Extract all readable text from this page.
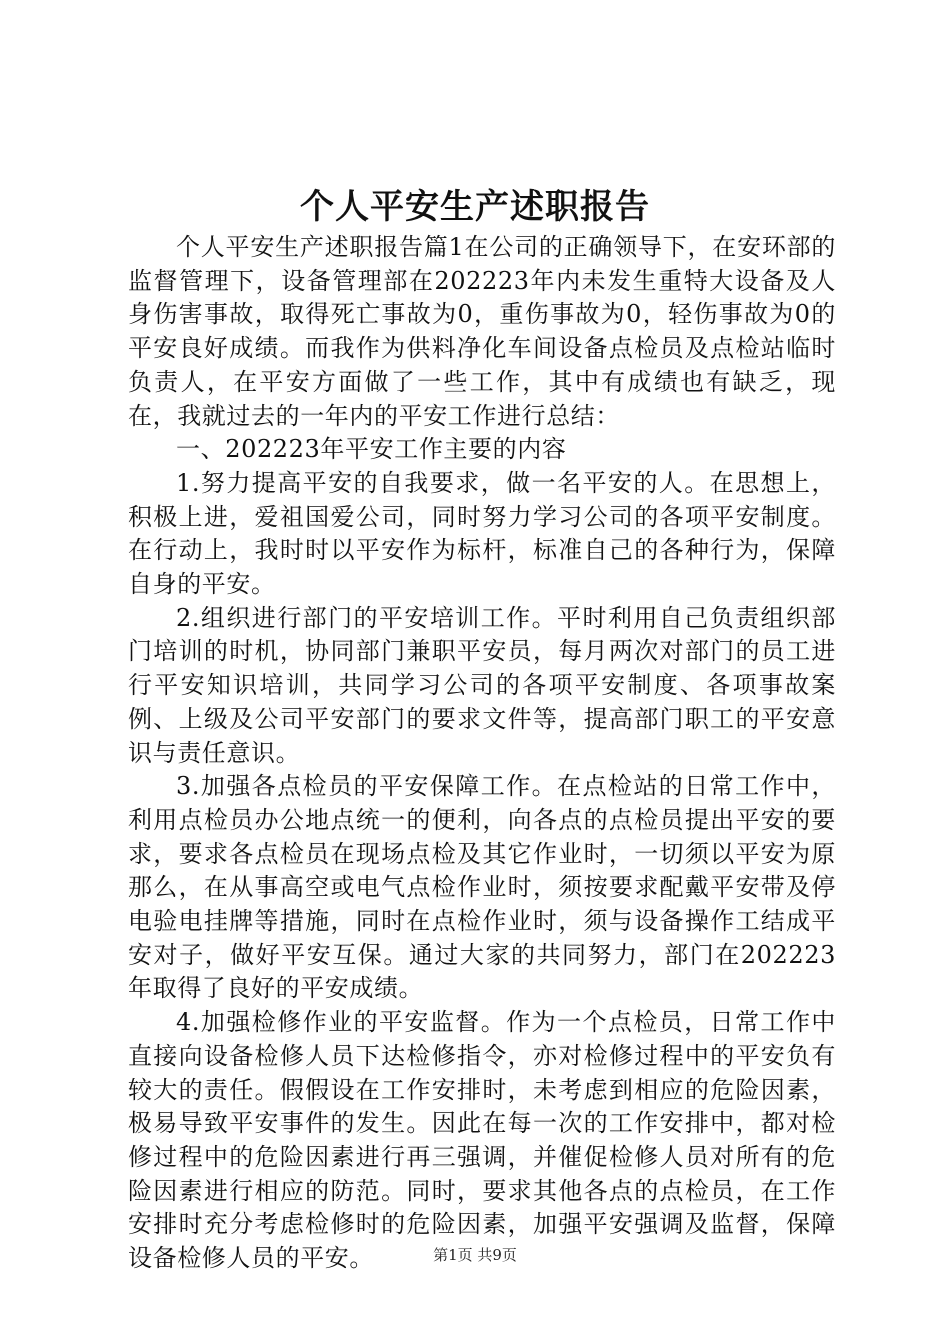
个人平安生产述职报告

个人平安生产述职报告篇1在公司的正确领导下，在安环部的监督管理下，设备管理部在202223年内未发生重特大设备及人身伤害事故，取得死亡事故为0，重伤事故为0，轻伤事故为0的平安良好成绩。而我作为供料净化车间设备点检员及点检站临时负责人，在平安方面做了一些工作，其中有成绩也有缺乏，现在，我就过去的一年内的平安工作进行总结：

一、202223年平安工作主要的内容

1.努力提高平安的自我要求，做一名平安的人。在思想上，积极上进，爱祖国爱公司，同时努力学习公司的各项平安制度。在行动上，我时时以平安作为标杆，标准自己的各种行为，保障自身的平安。

2.组织进行部门的平安培训工作。平时利用自己负责组织部门培训的时机，协同部门兼职平安员，每月两次对部门的员工进行平安知识培训，共同学习公司的各项平安制度、各项事故案例、上级及公司平安部门的要求文件等，提高部门职工的平安意识与责任意识。

3.加强各点检员的平安保障工作。在点检站的日常工作中，利用点检员办公地点统一的便利，向各点的点检员提出平安的要求，要求各点检员在现场点检及其它作业时，一切须以平安为原那么，在从事高空或电气点检作业时，须按要求配戴平安带及停电验电挂牌等措施，同时在点检作业时，须与设备操作工结成平安对子，做好平安互保。通过大家的共同努力，部门在202223年取得了良好的平安成绩。

4.加强检修作业的平安监督。作为一个点检员，日常工作中直接向设备检修人员下达检修指令，亦对检修过程中的平安负有较大的责任。假假设在工作安排时，未考虑到相应的危险因素，极易导致平安事件的发生。因此在每一次的工作安排中，都对检修过程中的危险因素进行再三强调，并催促检修人员对所有的危险因素进行相应的防范。同时，要求其他各点的点检员，在工作安排时充分考虑检修时的危险因素，加强平安强调及监督，保障设备检修人员的平安。	第1页 共9页
